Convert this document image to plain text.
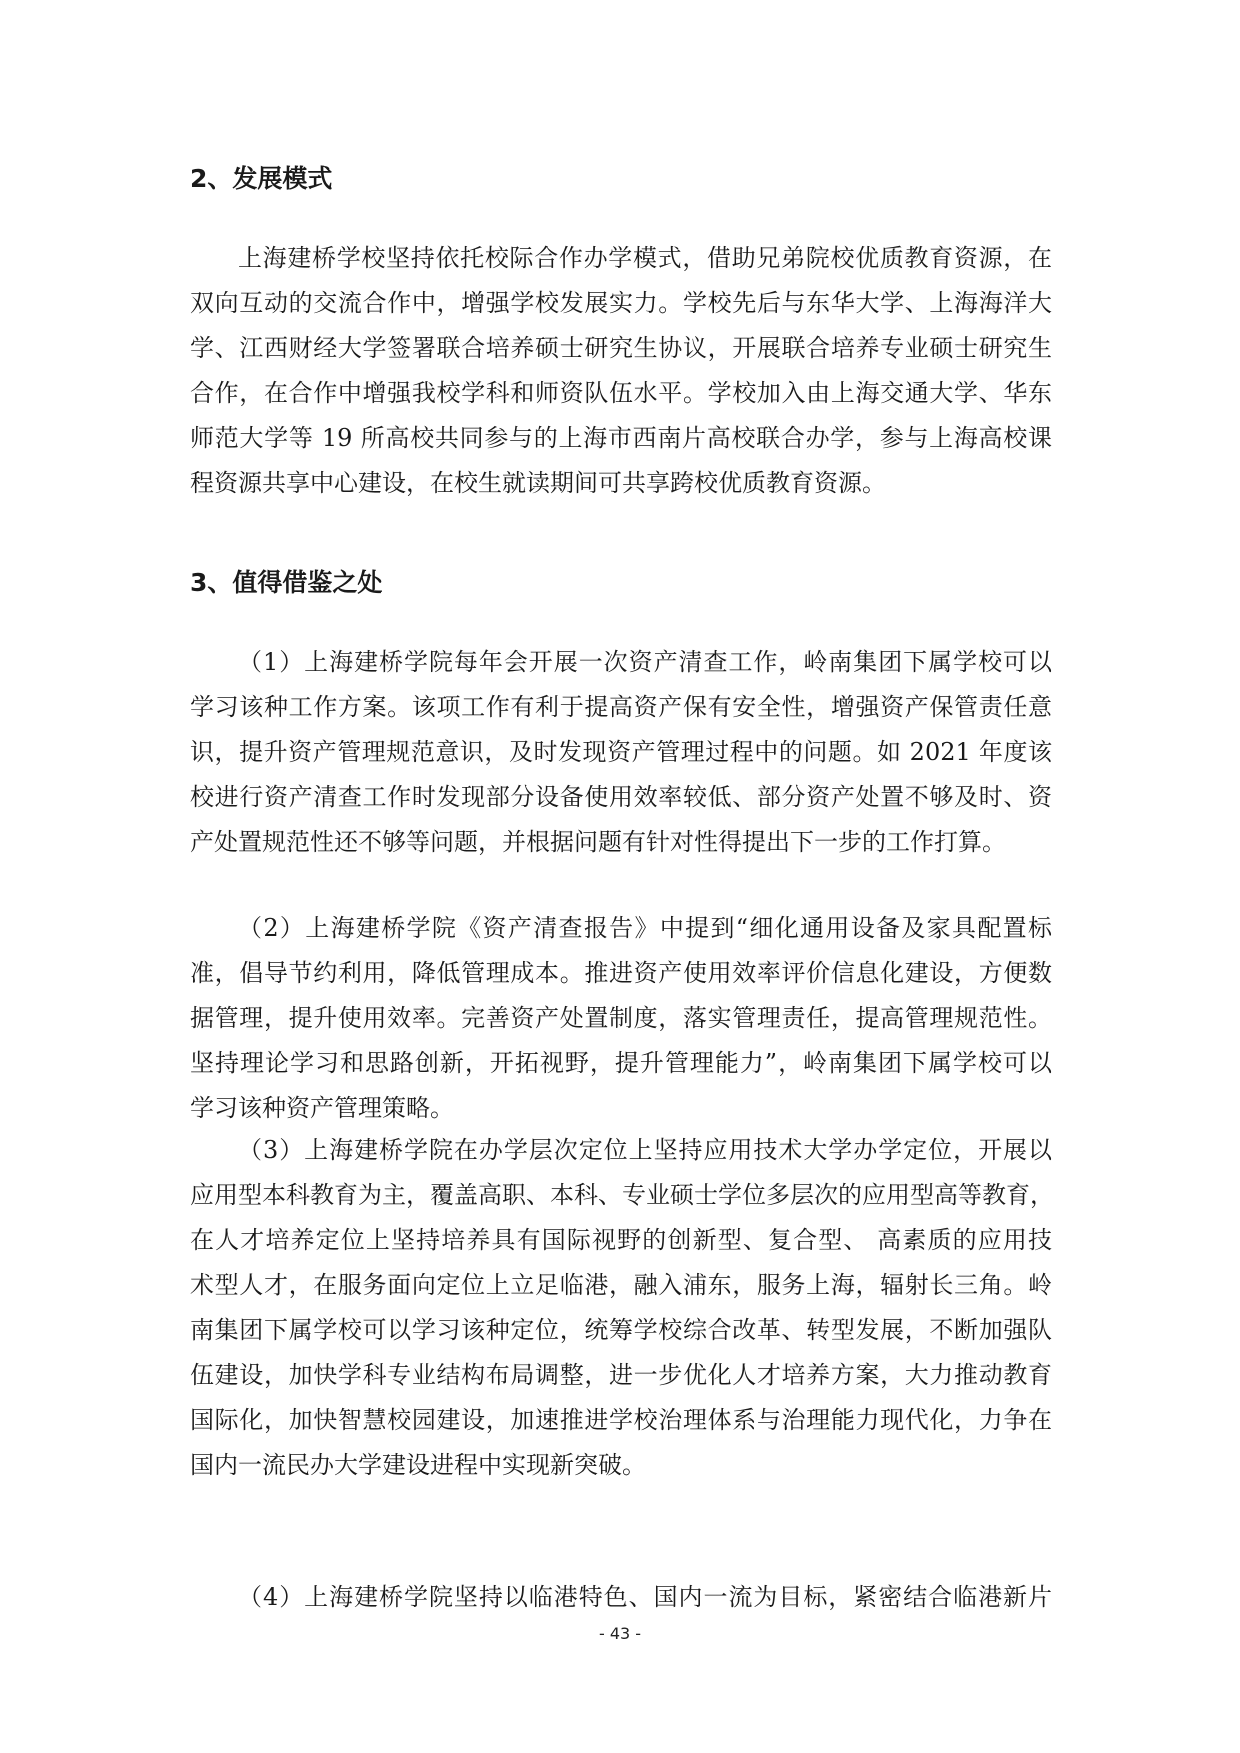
2、发展模式

上海建桥学校坚持依托校际合作办学模式，借助兄弟院校优质教育资源，在
双向互动的交流合作中，增强学校发展实力。学校先后与东华大学、上海海洋大
学、江西财经大学签署联合培养硕士研究生协议，开展联合培养专业硕士研究生
合作，在合作中增强我校学科和师资队伍水平。学校加入由上海交通大学、华东
师范大学等 19 所高校共同参与的上海市西南片高校联合办学，参与上海高校课
程资源共享中心建设，在校生就读期间可共享跨校优质教育资源。

3、值得借鉴之处

（1）上海建桥学院每年会开展一次资产清查工作，岭南集团下属学校可以
学习该种工作方案。该项工作有利于提高资产保有安全性，增强资产保管责任意
识，提升资产管理规范意识，及时发现资产管理过程中的问题。如 2021 年度该
校进行资产清查工作时发现部分设备使用效率较低、部分资产处置不够及时、资
产处置规范性还不够等问题，并根据问题有针对性得提出下一步的工作打算。

（2）上海建桥学院《资产清查报告》中提到“细化通用设备及家具配置标
准，倡导节约利用，降低管理成本。推进资产使用效率评价信息化建设，方便数
据管理，提升使用效率。完善资产处置制度，落实管理责任，提高管理规范性。
坚持理论学习和思路创新，开拓视野，提升管理能力”，岭南集团下属学校可以
学习该种资产管理策略。

（3）上海建桥学院在办学层次定位上坚持应用技术大学办学定位，开展以
应用型本科教育为主，覆盖高职、本科、专业硕士学位多层次的应用型高等教育，
在人才培养定位上坚持培养具有国际视野的创新型、复合型、 高素质的应用技
术型人才，在服务面向定位上立足临港，融入浦东，服务上海，辐射长三角。岭
南集团下属学校可以学习该种定位，统筹学校综合改革、转型发展，不断加强队
伍建设，加快学科专业结构布局调整，进一步优化人才培养方案，大力推动教育
国际化，加快智慧校园建设，加速推进学校治理体系与治理能力现代化，力争在
国内一流民办大学建设进程中实现新突破。

（4）上海建桥学院坚持以临港特色、国内一流为目标，紧密结合临港新片

- 43 -
